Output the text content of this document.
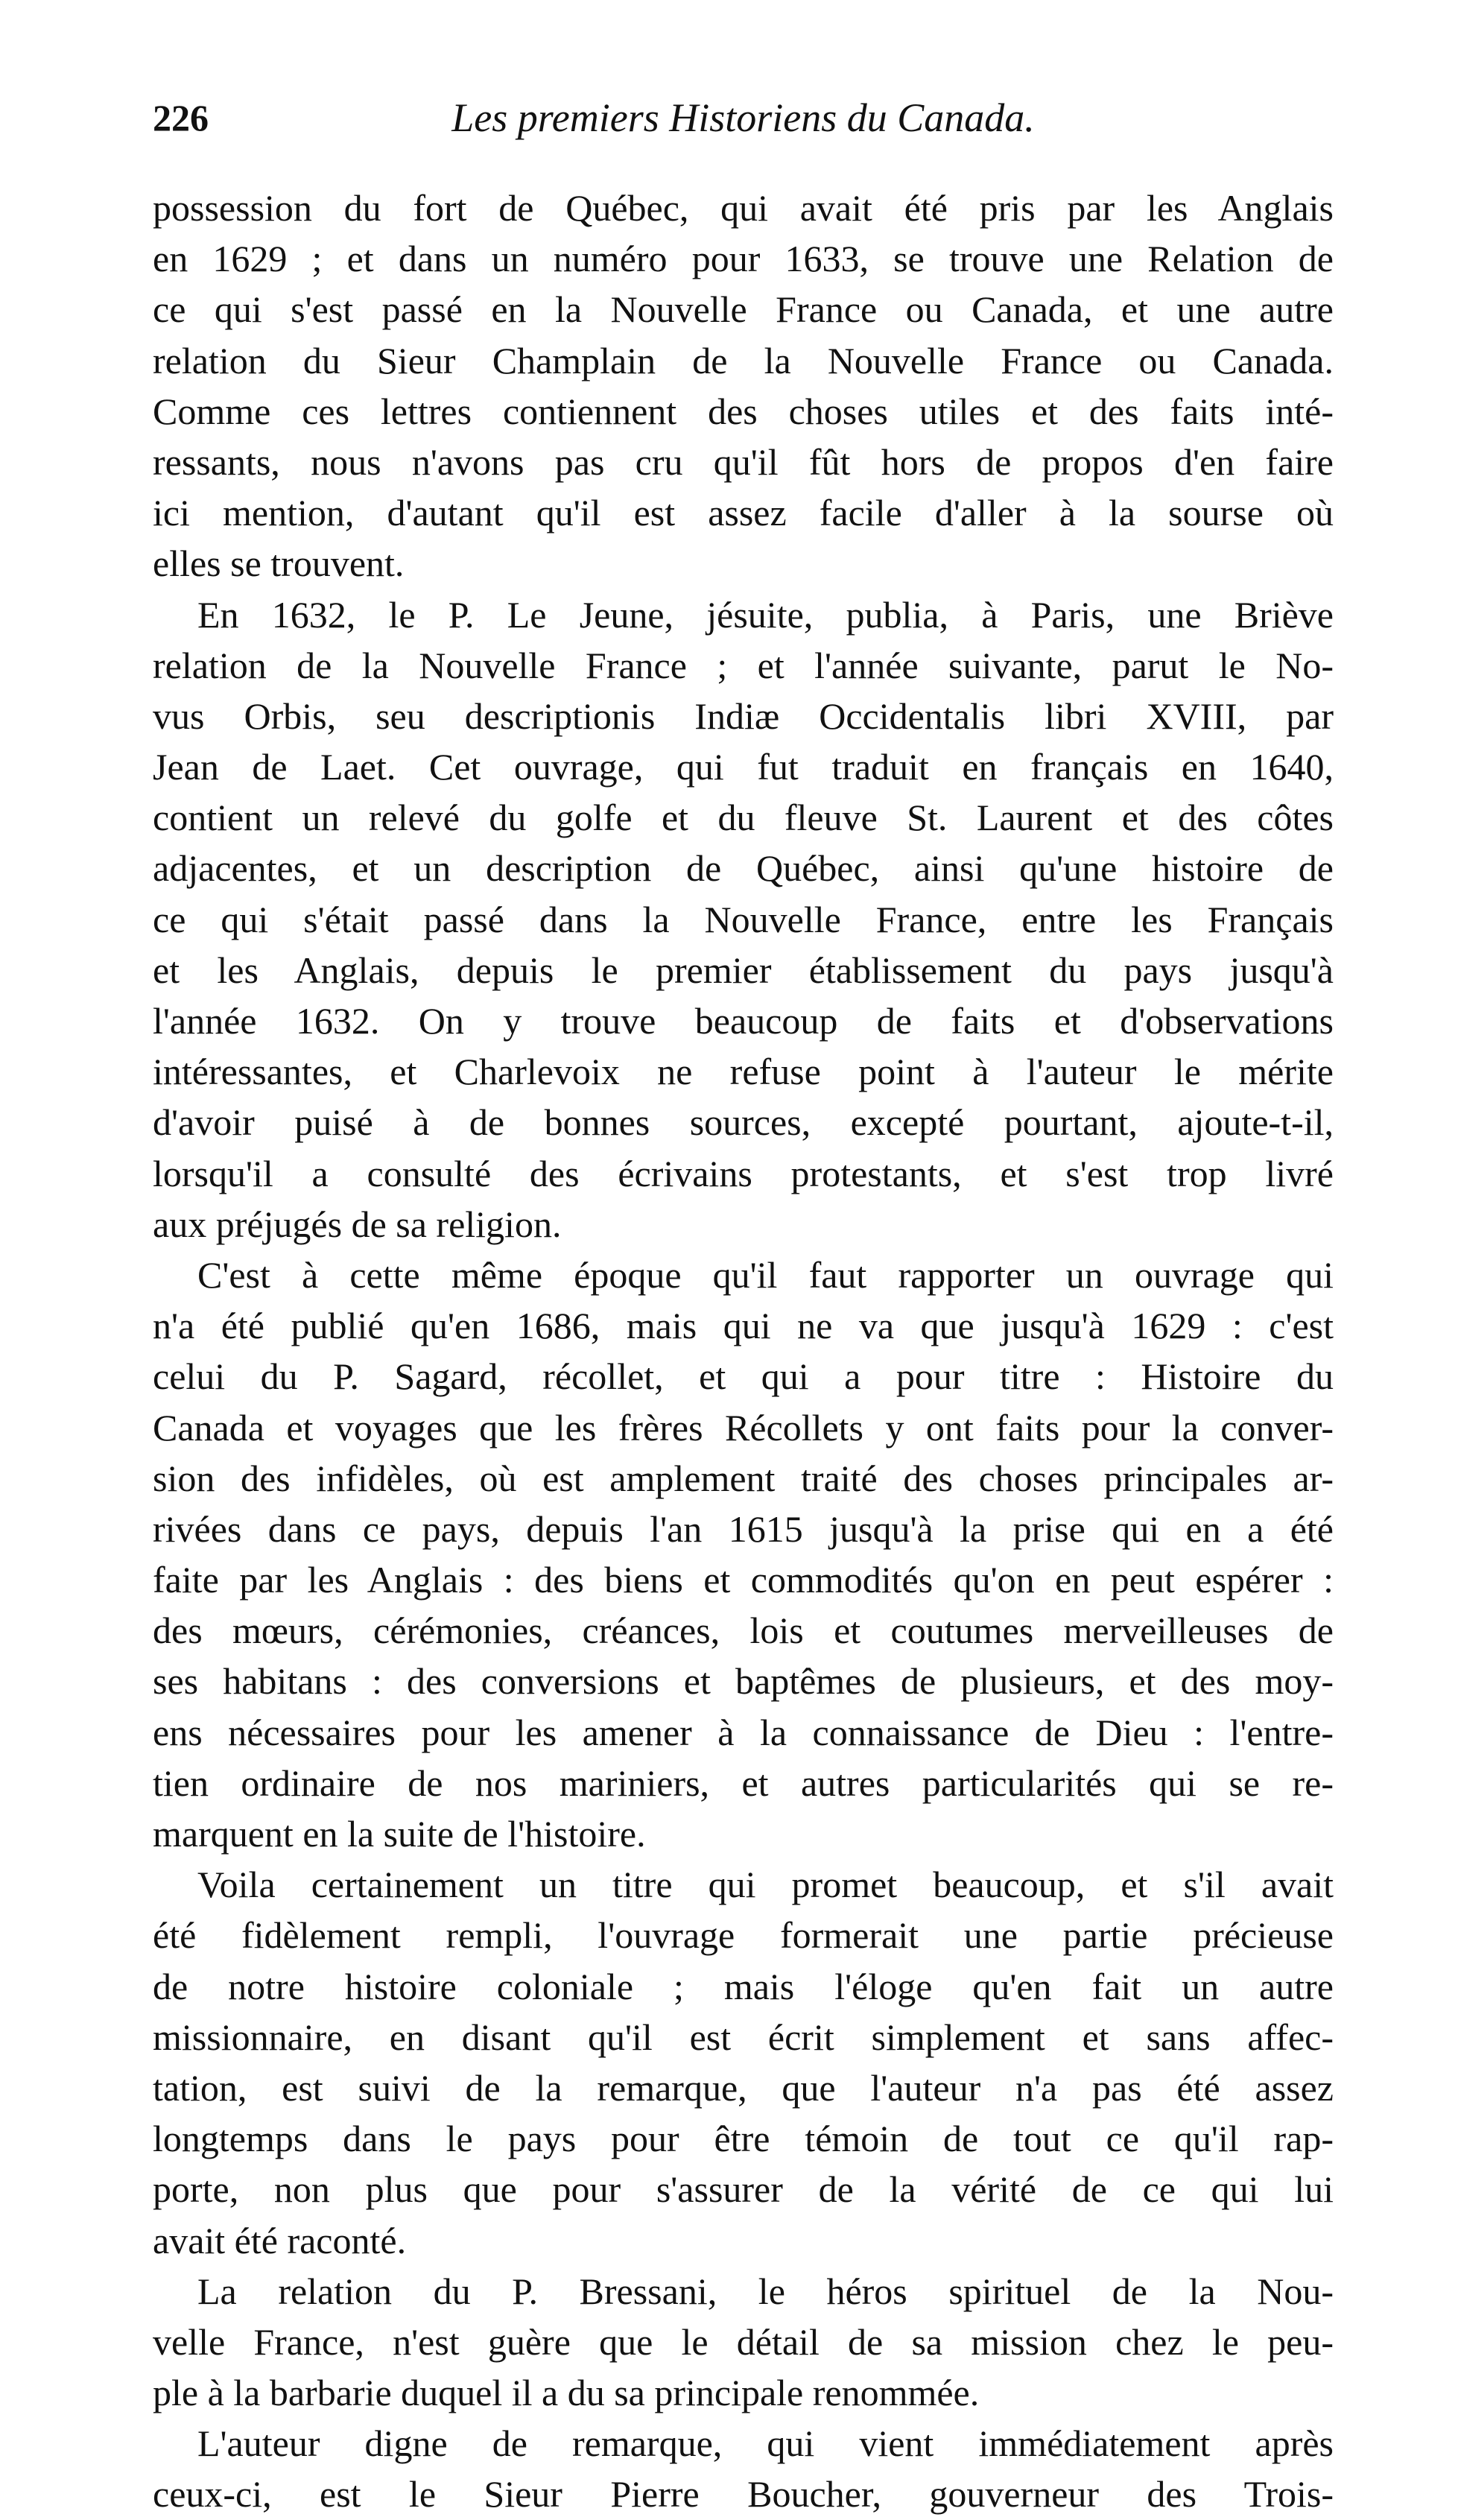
226	Les premiers Historiens du Canada.
possession du fort de Québec, qui avait été pris par les Anglais
en 1629 ; et dans un numéro pour 1633, se trouve une Relation de
ce qui s'est passé en la Nouvelle France ou Canada, et une autre
relation du Sieur Champlain de la Nouvelle France ou Canada.
Comme ces lettres contiennent des choses utiles et des faits inté-
ressants, nous n'avons pas cru qu'il fût hors de propos d'en faire
ici mention, d'autant qu'il est assez facile d'aller à la sourse où
elles se trouvent.
En 1632, le P. Le Jeune, jésuite, publia, à Paris, une Briève
relation de la Nouvelle France ; et l'année suivante, parut le No-
vus Orbis, seu descriptionis Indiæ Occidentalis libri XVIII, par
Jean de Laet. Cet ouvrage, qui fut traduit en français en 1640,
contient un relevé du golfe et du fleuve St. Laurent et des côtes
adjacentes, et un description de Québec, ainsi qu'une histoire de
ce qui s'était passé dans la Nouvelle France, entre les Français
et les Anglais, depuis le premier établissement du pays jusqu'à
l'année 1632. On y trouve beaucoup de faits et d'observations
intéressantes, et Charlevoix ne refuse point à l'auteur le mérite
d'avoir puisé à de bonnes sources, excepté pourtant, ajoute-t-il,
lorsqu'il a consulté des écrivains protestants, et s'est trop livré
aux préjugés de sa religion.
C'est à cette même époque qu'il faut rapporter un ouvrage qui
n'a été publié qu'en 1686, mais qui ne va que jusqu'à 1629 : c'est
celui du P. Sagard, récollet, et qui a pour titre : Histoire du
Canada et voyages que les frères Récollets y ont faits pour la conver-
sion des infidèles, où est amplement traité des choses principales ar-
rivées dans ce pays, depuis l'an 1615 jusqu'à la prise qui en a été
faite par les Anglais : des biens et commodités qu'on en peut espérer :
des mœurs, cérémonies, créances, lois et coutumes merveilleuses de
ses habitans : des conversions et baptêmes de plusieurs, et des moy-
ens nécessaires pour les amener à la connaissance de Dieu : l'entre-
tien ordinaire de nos mariniers, et autres particularités qui se re-
marquent en la suite de l'histoire.
Voila certainement un titre qui promet beaucoup, et s'il avait
été fidèlement rempli, l'ouvrage formerait une partie précieuse
de notre histoire coloniale ; mais l'éloge qu'en fait un autre
missionnaire, en disant qu'il est écrit simplement et sans affec-
tation, est suivi de la remarque, que l'auteur n'a pas été assez
longtemps dans le pays pour être témoin de tout ce qu'il rap-
porte, non plus que pour s'assurer de la vérité de ce qui lui
avait été raconté.
La relation du P. Bressani, le héros spirituel de la Nou-
velle France, n'est guère que le détail de sa mission chez le peu-
ple à la barbarie duquel il a du sa principale renommée.
L'auteur digne de remarque, qui vient immédiatement après
ceux-ci, est le Sieur Pierre Boucher, gouverneur des Trois-
